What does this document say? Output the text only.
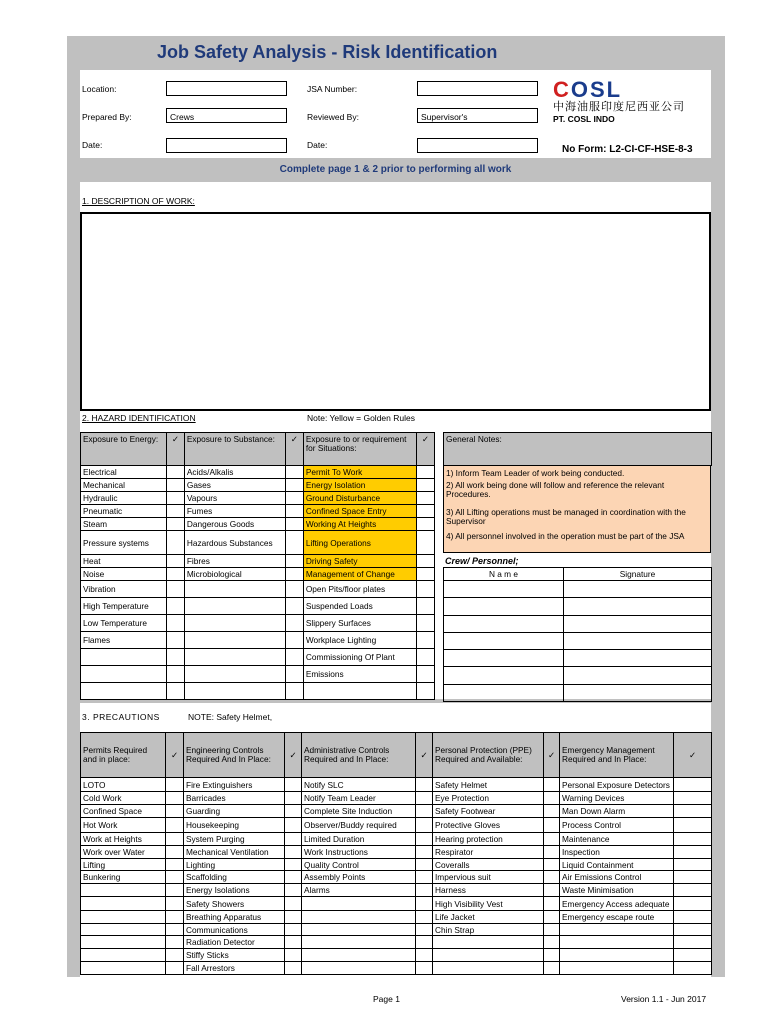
Job Safety Analysis - Risk Identification
Location:
Prepared By:	Crews
Date:
JSA Number:
Reviewed By:	Supervisor's
Date:
COSL
中海油服印度尼西亚公司
PT. COSL INDO
No Form: L2-CI-CF-HSE-8-3
Complete page 1 & 2 prior to performing all work
1. DESCRIPTION OF WORK:
2. HAZARD IDENTIFICATION	Note: Yellow = Golden Rules
Exposure to Energy:	✓	Exposure to Substance:	✓	Exposure to or requirement for Situations:	✓
Electrical		Acids/Alkalis		Permit To Work	
Mechanical		Gases		Energy Isolation	
Hydraulic		Vapours		Ground Disturbance	
Pneumatic		Fumes		Confined Space Entry	
Steam		Dangerous Goods		Working At Heights	
Pressure systems		Hazardous Substances		Lifting Operations	
Heat		Fibres		Driving Safety	
Noise		Microbiological		Management of Change	
Vibration				Open Pits/floor plates	
High Temperature				Suspended Loads	
Low Temperature				Slippery Surfaces	
Flames				Workplace Lighting	
				Commissioning Of Plant	
				Emissions	

General Notes:
1) Inform Team Leader of work being conducted.
2) All work being done will follow and reference the relevant Procedures.
3) All Lifting operations must be managed in coordination with the Supervisor
4) All personnel involved in the operation must be part of the JSA
Crew/ Personnel;
N a m e	Signature

3. PRECAUTIONS	NOTE: Safety Helmet,
Permits Required and in place:	✓	Engineering Controls Required And In Place:	✓	Administrative Controls Required and In Place:	✓	Personal Protection (PPE) Required and Available:	✓	Emergency Management Required and In Place:	✓
LOTO		Fire Extinguishers		Notify SLC		Safety Helmet		Personal Exposure Detectors	
Cold Work		Barricades		Notify Team Leader		Eye Protection		Warning Devices	
Confined Space		Guarding		Complete Site Induction		Safety Footwear		Man Down Alarm	
Hot Work		Housekeeping		Observer/Buddy required		Protective Gloves		Process Control	
Work at Heights		System Purging		Limited Duration		Hearing protection		Maintenance	
Work over Water		Mechanical Ventilation		Work Instructions		Respirator		Inspection	
Lifting		Lighting		Quality Control		Coveralls		Liquid Containment	
Bunkering		Scaffolding		Assembly Points		Impervious suit		Air Emissions Control	
		Energy Isolations		Alarms		Harness		Waste Minimisation	
		Safety Showers				High Visibility Vest		Emergency Access adequate	
		Breathing Apparatus				Life Jacket		Emergency escape route	
		Communications				Chin Strap			
		Radiation Detector							
		Stiffy Sticks							
		Fall Arrestors							
Page 1	Version 1.1 - Jun 2017
